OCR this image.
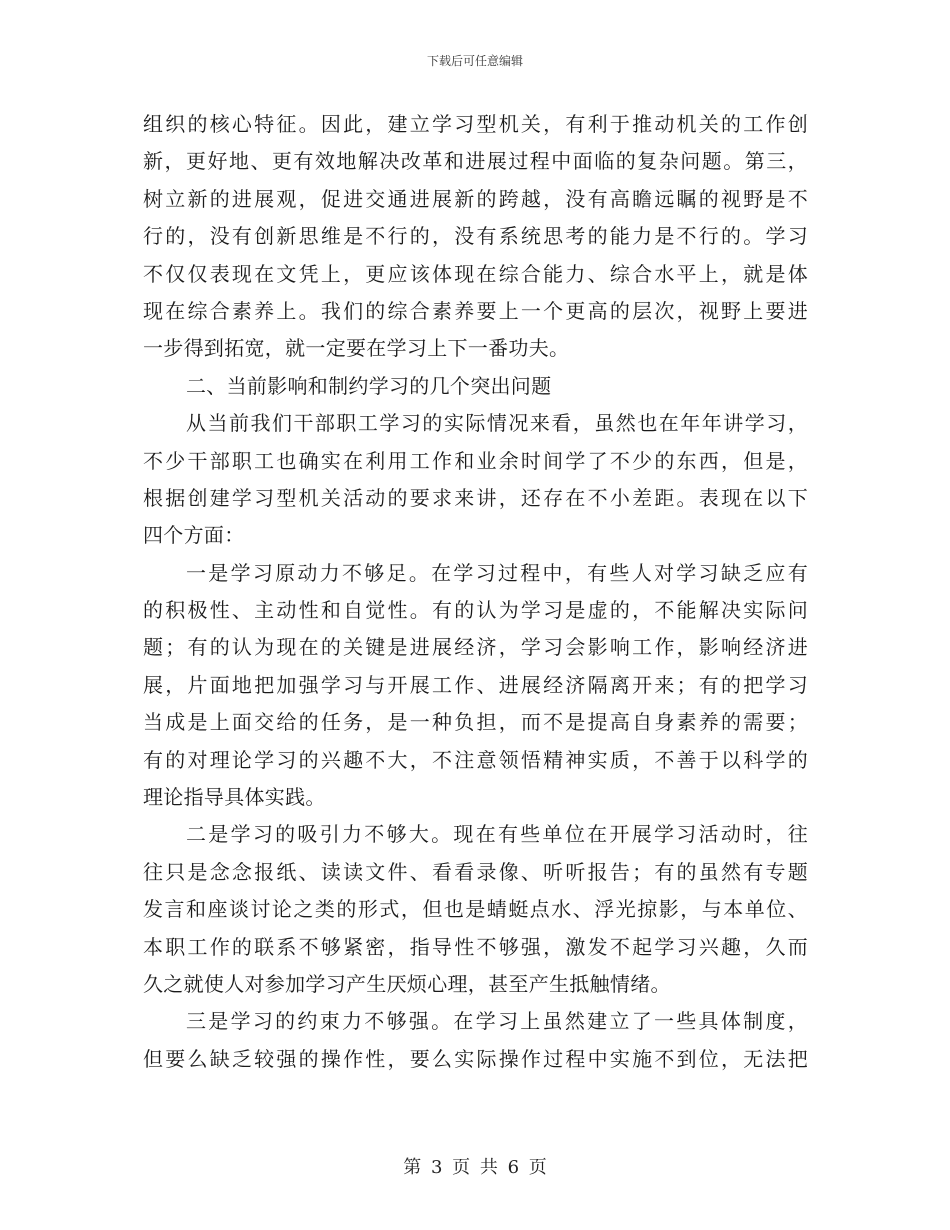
下载后可任意编辑
组织的核心特征。因此，建立学习型机关，有利于推动机关的工作创
新，更好地、更有效地解决改革和进展过程中面临的复杂问题。第三，
树立新的进展观，促进交通进展新的跨越，没有高瞻远瞩的视野是不
行的，没有创新思维是不行的，没有系统思考的能力是不行的。学习
不仅仅表现在文凭上，更应该体现在综合能力、综合水平上，就是体
现在综合素养上。我们的综合素养要上一个更高的层次，视野上要进
一步得到拓宽，就一定要在学习上下一番功夫。
二、当前影响和制约学习的几个突出问题
从当前我们干部职工学习的实际情况来看，虽然也在年年讲学习，
不少干部职工也确实在利用工作和业余时间学了不少的东西，但是，
根据创建学习型机关活动的要求来讲，还存在不小差距。表现在以下
四个方面：
一是学习原动力不够足。在学习过程中，有些人对学习缺乏应有
的积极性、主动性和自觉性。有的认为学习是虚的，不能解决实际问
题；有的认为现在的关键是进展经济，学习会影响工作，影响经济进
展，片面地把加强学习与开展工作、进展经济隔离开来；有的把学习
当成是上面交给的任务，是一种负担，而不是提高自身素养的需要；
有的对理论学习的兴趣不大，不注意领悟精神实质，不善于以科学的
理论指导具体实践。
二是学习的吸引力不够大。现在有些单位在开展学习活动时，往
往只是念念报纸、读读文件、看看录像、听听报告；有的虽然有专题
发言和座谈讨论之类的形式，但也是蜻蜓点水、浮光掠影，与本单位、
本职工作的联系不够紧密，指导性不够强，激发不起学习兴趣，久而
久之就使人对参加学习产生厌烦心理，甚至产生抵触情绪。
三是学习的约束力不够强。在学习上虽然建立了一些具体制度，
但要么缺乏较强的操作性，要么实际操作过程中实施不到位，无法把
第 3 页 共 6 页
